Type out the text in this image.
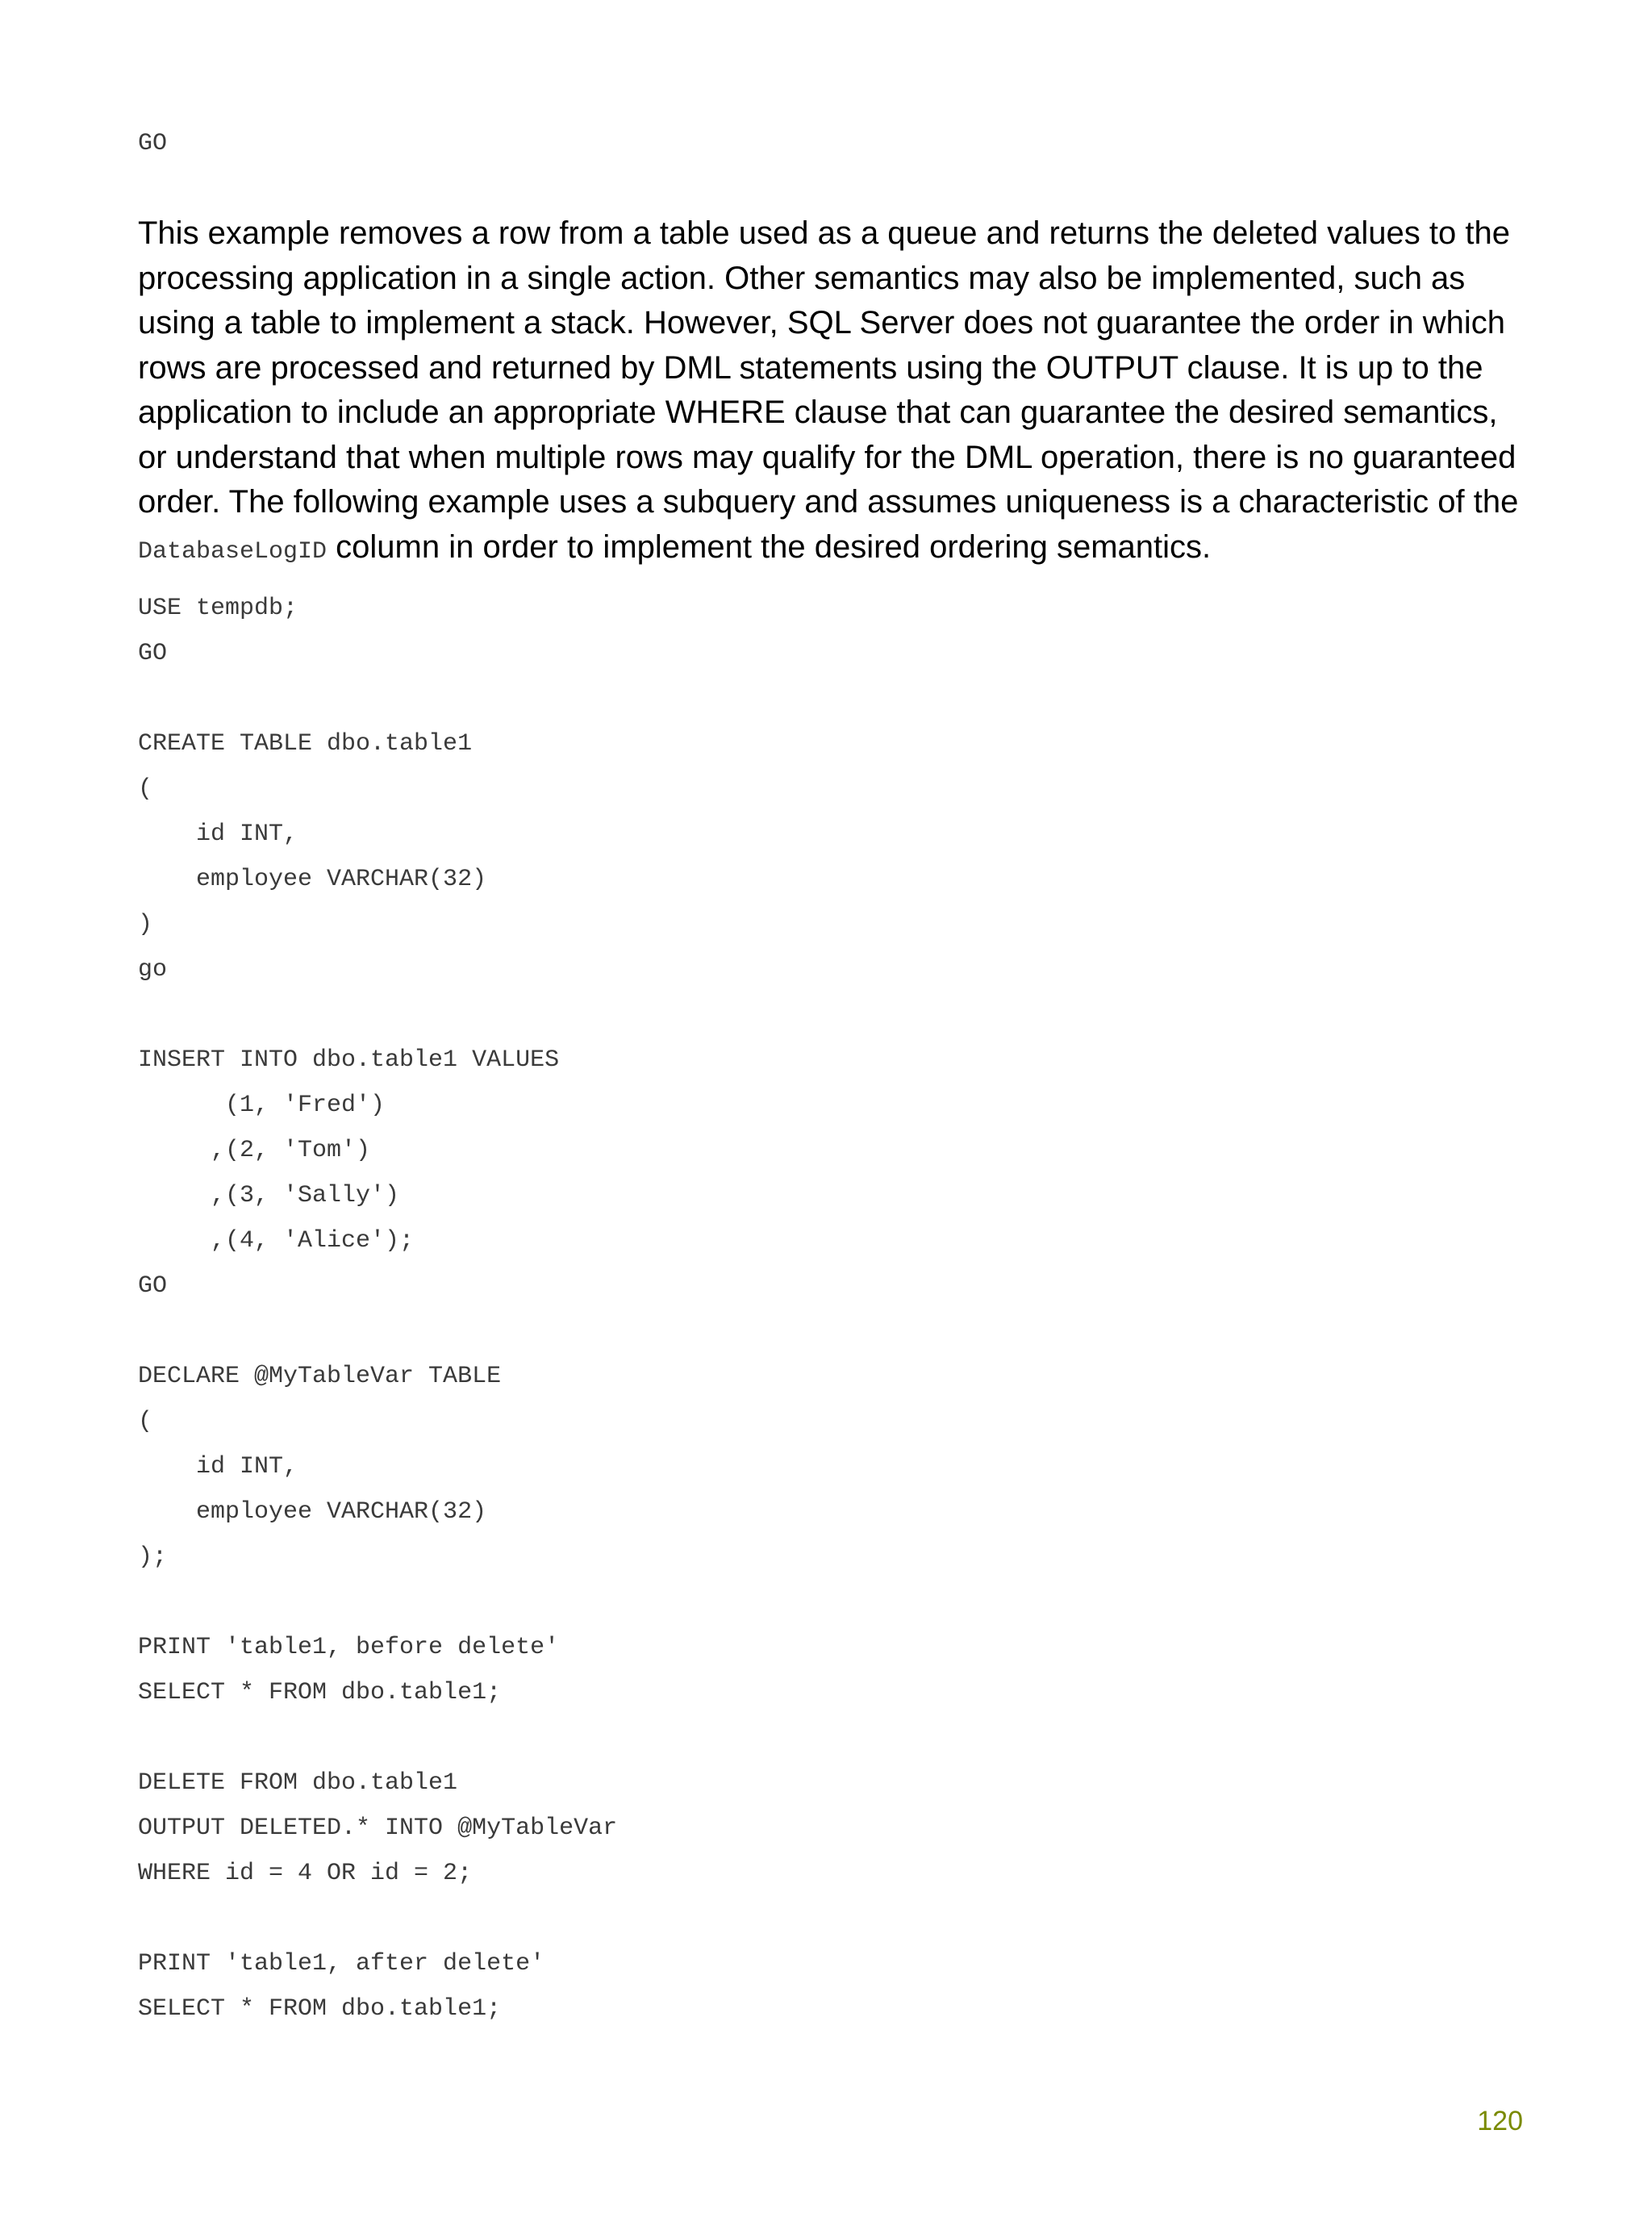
GO

This example removes a row from a table used as a queue and returns the deleted values to the processing application in a single action. Other semantics may also be implemented, such as using a table to implement a stack. However, SQL Server does not guarantee the order in which rows are processed and returned by DML statements using the OUTPUT clause. It is up to the application to include an appropriate WHERE clause that can guarantee the desired semantics, or understand that when multiple rows may qualify for the DML operation, there is no guaranteed order. The following example uses a subquery and assumes uniqueness is a characteristic of the DatabaseLogID column in order to implement the desired ordering semantics.

USE tempdb;
GO

CREATE TABLE dbo.table1
(
id INT,
employee VARCHAR(32)
)
go

INSERT INTO dbo.table1 VALUES
(1, 'Fred')
,(2, 'Tom')
,(3, 'Sally')
,(4, 'Alice');
GO

DECLARE @MyTableVar TABLE
(
id INT,
employee VARCHAR(32)
);

PRINT 'table1, before delete'
SELECT * FROM dbo.table1;

DELETE FROM dbo.table1
OUTPUT DELETED.* INTO @MyTableVar
WHERE id = 4 OR id = 2;

PRINT 'table1, after delete'
SELECT * FROM dbo.table1;
120
